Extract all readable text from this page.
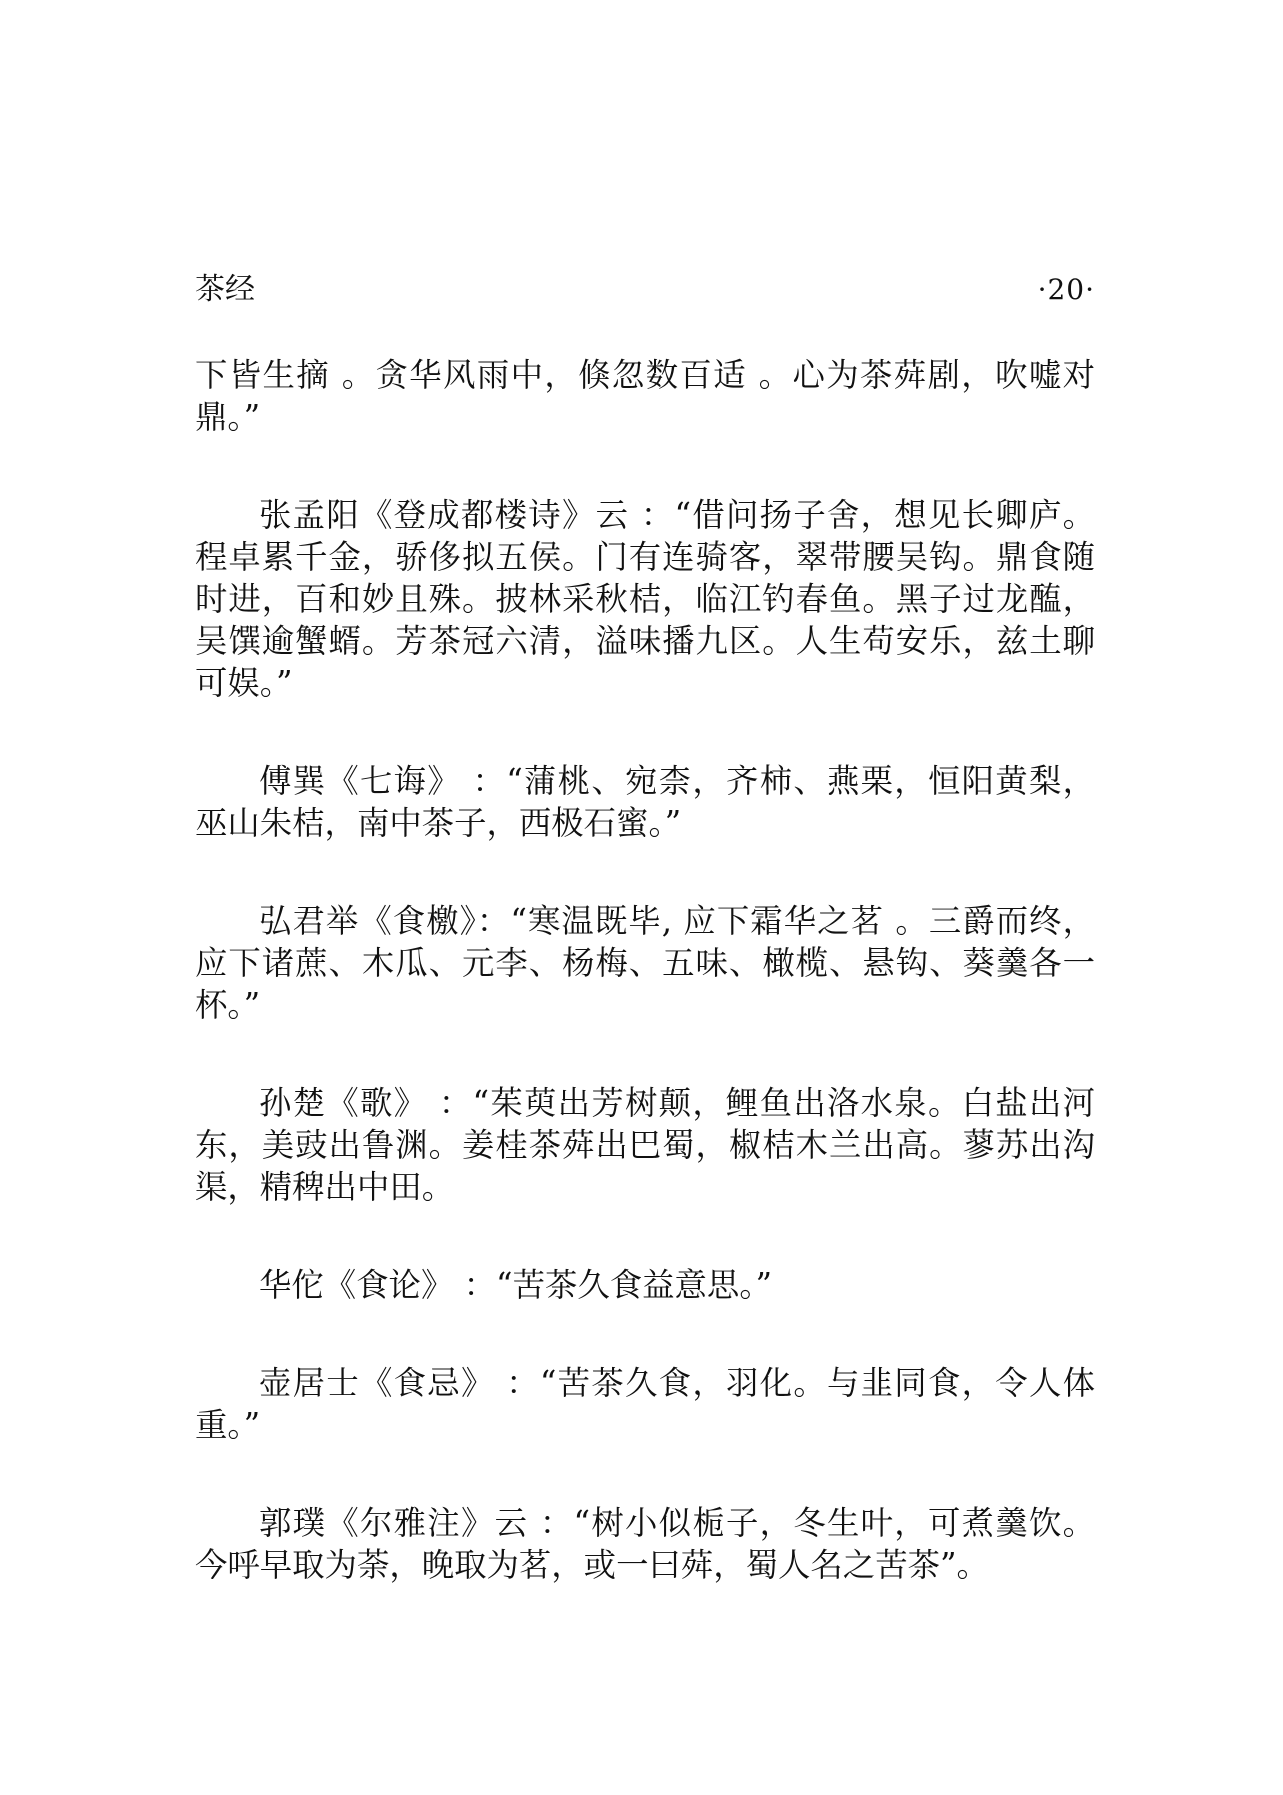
茶经	·20·

下皆生摘 。贪华风雨中，倏忽数百适 。心为茶荈剧，吹嘘对鼎。”

张孟阳《登成都楼诗》云 ：“借问扬子舍，想见长卿庐。程卓累千金，骄侈拟五侯。门有连骑客，翠带腰吴钩。鼎食随时进，百和妙且殊。披林采秋桔，临江钓春鱼。黑子过龙醢，吴馔逾蟹蝑。芳茶冠六清，溢味播九区。人生苟安乐，兹土聊可娱。”

傅巽《七诲》 ：“蒲桃、宛柰，齐柿、燕栗，恒阳黄梨，巫山朱桔，南中茶子，西极石蜜。”

弘君举《食檄》：“寒温既毕, 应下霜华之茗 。三爵而终，应下诸蔗、木瓜、元李、杨梅、五味、橄榄、悬钩、葵羹各一杯。”

孙楚《歌》 ：“茱萸出芳树颠，鲤鱼出洛水泉。白盐出河东，美豉出鲁渊。姜桂茶荈出巴蜀，椒桔木兰出高。蓼苏出沟渠，精稗出中田。

华佗《食论》 ：“苦茶久食益意思。”

壶居士《食忌》 ：“苦茶久食，羽化。与韭同食，令人体重。”

郭璞《尔雅注》云 ：“树小似栀子，冬生叶，可煮羹饮。今呼早取为荼，晚取为茗，或一曰荈，蜀人名之苦茶”。
